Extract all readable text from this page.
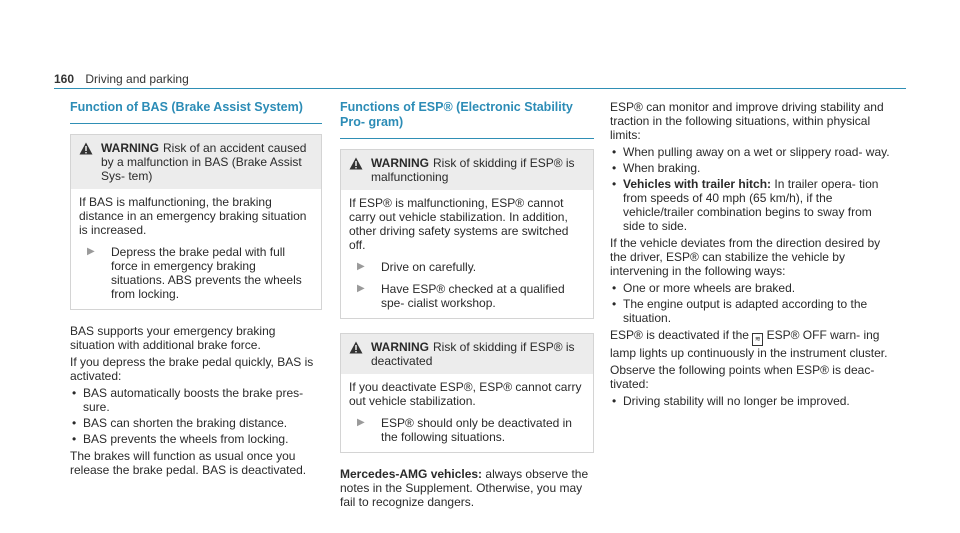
160 Driving and parking
Function of BAS (Brake Assist System)
WARNING Risk of an accident caused by a malfunction in BAS (Brake Assist Sys- tem)

If BAS is malfunctioning, the braking distance in an emergency braking situation is increased.

▶	Depress the brake pedal with full force in emergency braking situations. ABS prevents the wheels from locking.

BAS supports your emergency braking situation with additional brake force.

If you depress the brake pedal quickly, BAS is activated:

• BAS automatically boosts the brake pres- sure.
• BAS can shorten the braking distance.
• BAS prevents the wheels from locking.

The brakes will function as usual once you release the brake pedal. BAS is deactivated.

Functions of ESP® (Electronic Stability Pro- gram)
WARNING Risk of skidding if ESP® is malfunctioning

If ESP® is malfunctioning, ESP® cannot carry out vehicle stabilization. In addition, other driving safety systems are switched off.

▶	Drive on carefully.
▶	Have ESP® checked at a qualified spe- cialist workshop.
WARNING Risk of skidding if ESP® is deactivated

If you deactivate ESP®, ESP® cannot carry out vehicle stabilization.

▶	ESP® should only be deactivated in the following situations.

Mercedes-AMG vehicles: always observe the notes in the Supplement. Otherwise, you may fail to recognize dangers.

ESP® can monitor and improve driving stability and traction in the following situations, within physical limits:

• When pulling away on a wet or slippery road- way.
• When braking.
• Vehicles with trailer hitch: In trailer opera- tion from speeds of 40 mph (65 km/h), if the vehicle/trailer combination begins to sway from side to side.

If the vehicle deviates from the direction desired by the driver, ESP® can stabilize the vehicle by intervening in the following ways:

• One or more wheels are braked.
• The engine output is adapted according to the situation.

ESP® is deactivated if the ≋ ESP® OFF warn- ing lamp lights up continuously in the instrument cluster.

Observe the following points when ESP® is deac- tivated:

• Driving stability will no longer be improved.
